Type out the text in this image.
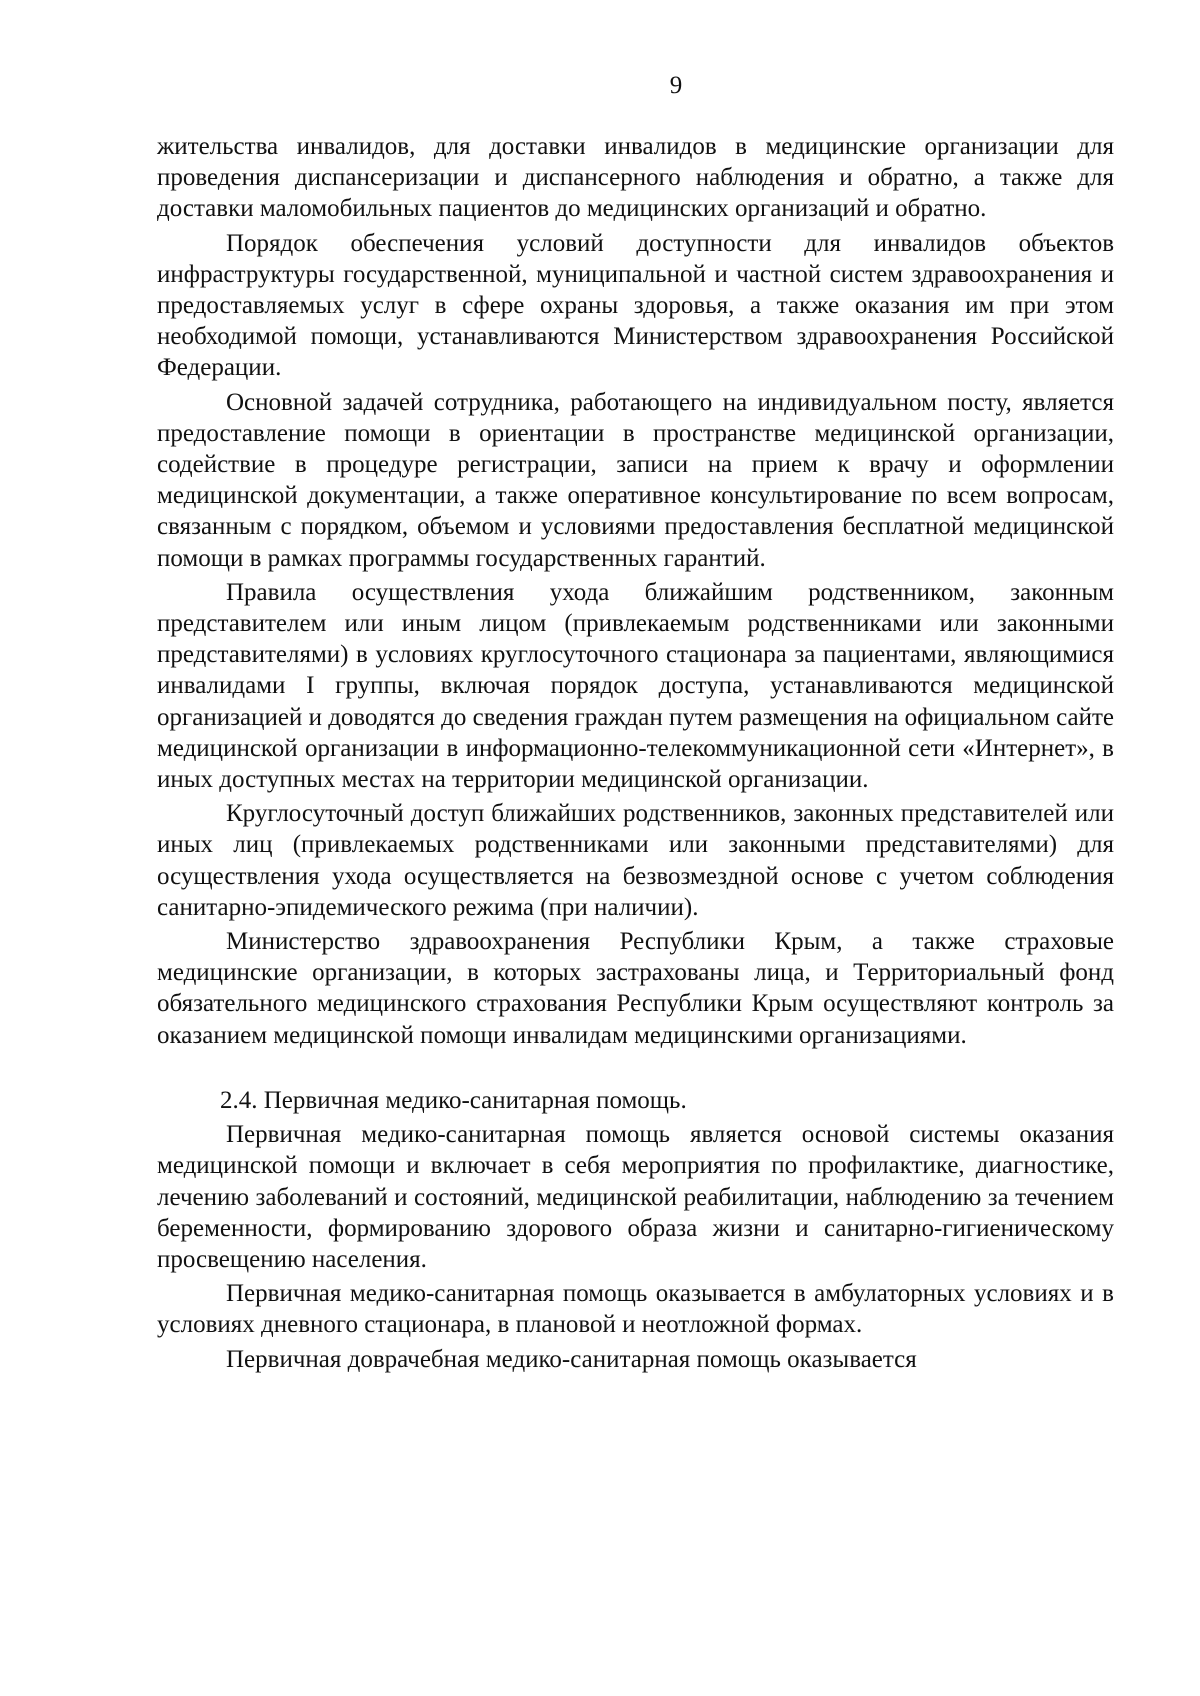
9

жительства инвалидов, для доставки инвалидов в медицинские организации для проведения диспансеризации и диспансерного наблюдения и обратно, а также для доставки маломобильных пациентов до медицинских организаций и обратно.

Порядок обеспечения условий доступности для инвалидов объектов инфраструктуры государственной, муниципальной и частной систем здравоохранения и предоставляемых услуг в сфере охраны здоровья, а также оказания им при этом необходимой помощи, устанавливаются Министерством здравоохранения Российской Федерации.

Основной задачей сотрудника, работающего на индивидуальном посту, является предоставление помощи в ориентации в пространстве медицинской организации, содействие в процедуре регистрации, записи на прием к врачу и оформлении медицинской документации, а также оперативное консультирование по всем вопросам, связанным с порядком, объемом и условиями предоставления бесплатной медицинской помощи в рамках программы государственных гарантий.

Правила осуществления ухода ближайшим родственником, законным представителем или иным лицом (привлекаемым родственниками или законными представителями) в условиях круглосуточного стационара за пациентами, являющимися инвалидами I группы, включая порядок доступа, устанавливаются медицинской организацией и доводятся до сведения граждан путем размещения на официальном сайте медицинской организации в информационно-телекоммуникационной сети «Интернет», в иных доступных местах на территории медицинской организации.

Круглосуточный доступ ближайших родственников, законных представителей или иных лиц (привлекаемых родственниками или законными представителями) для осуществления ухода осуществляется на безвозмездной основе с учетом соблюдения санитарно-эпидемического режима (при наличии).

Министерство здравоохранения Республики Крым, а также страховые медицинские организации, в которых застрахованы лица, и Территориальный фонд обязательного медицинского страхования Республики Крым осуществляют контроль за оказанием медицинской помощи инвалидам медицинскими организациями.

2.4. Первичная медико-санитарная помощь.

Первичная медико-санитарная помощь является основой системы оказания медицинской помощи и включает в себя мероприятия по профилактике, диагностике, лечению заболеваний и состояний, медицинской реабилитации, наблюдению за течением беременности, формированию здорового образа жизни и санитарно-гигиеническому просвещению населения.

Первичная медико-санитарная помощь оказывается в амбулаторных условиях и в условиях дневного стационара, в плановой и неотложной формах.

Первичная доврачебная медико-санитарная помощь оказывается
